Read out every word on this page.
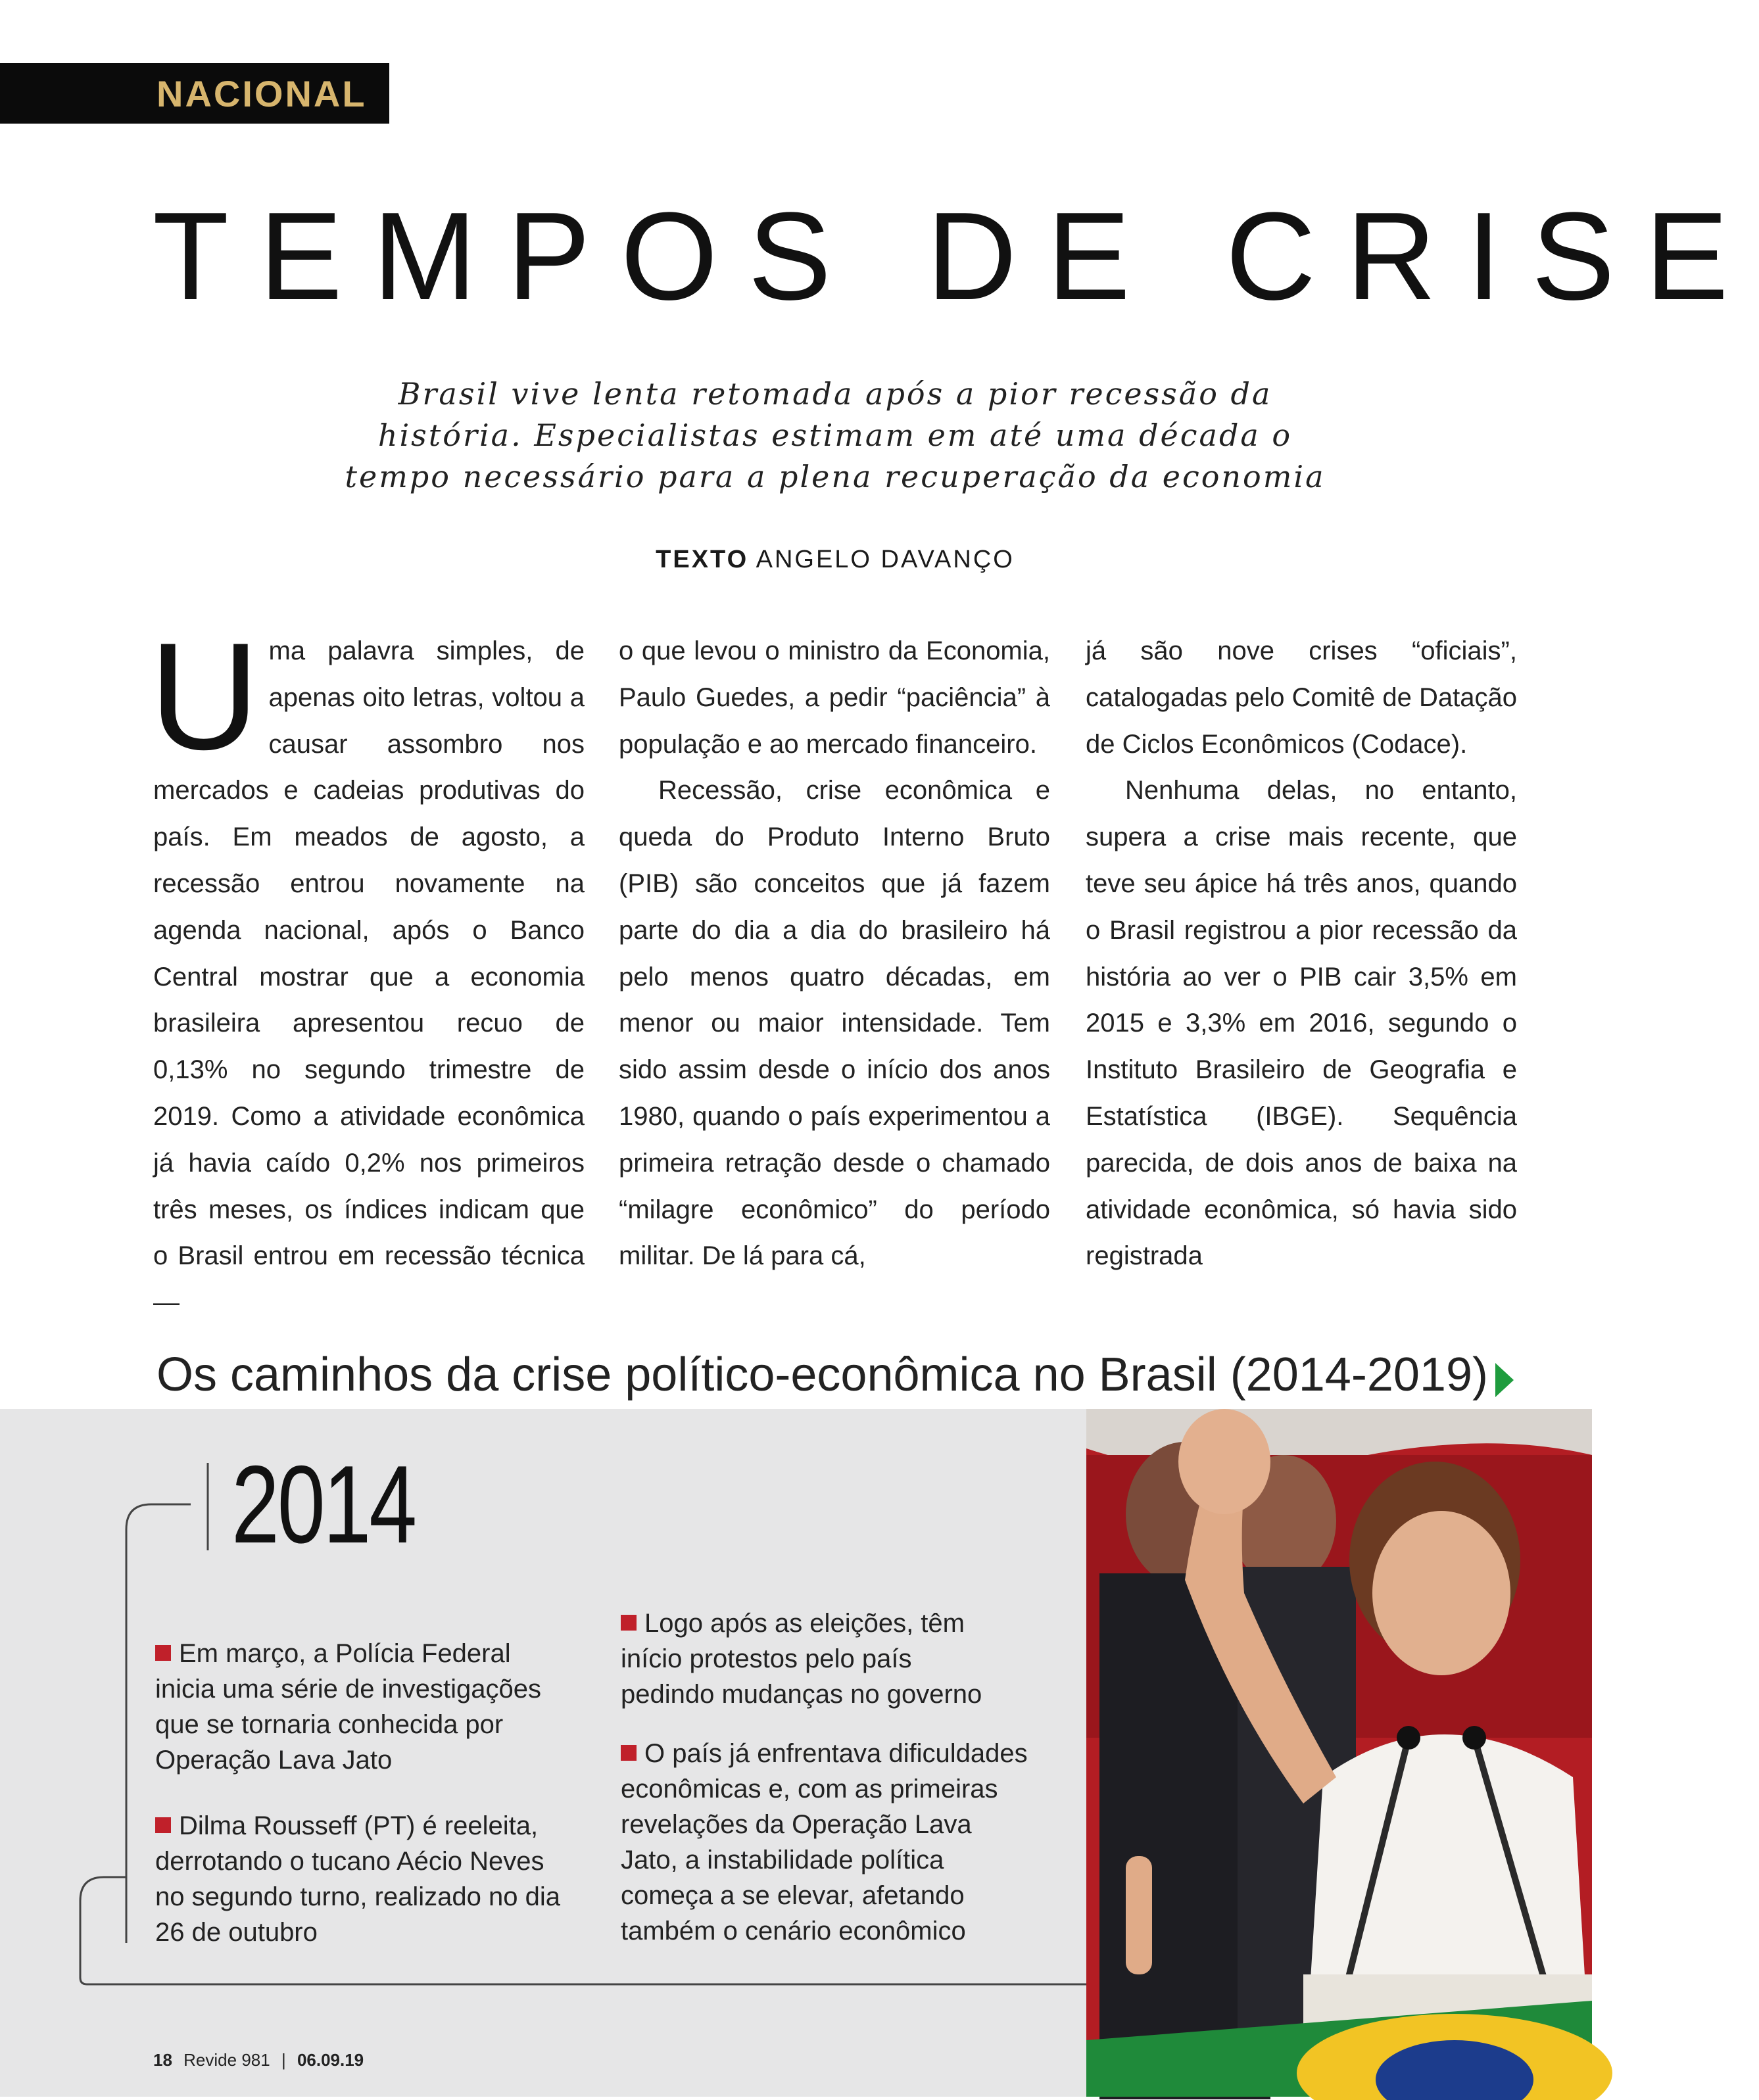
NACIONAL
TEMPOS DE CRISE
Brasil vive lenta retomada após a pior recessão da
história. Especialistas estimam em até uma década o
tempo necessário para a plena recuperação da economia
TEXTO ANGELO DAVANÇO

Uma palavra simples, de apenas oito letras, voltou a causar assombro nos mercados e cadeias produtivas do país. Em meados de agosto, a recessão entrou novamente na agenda nacional, após o Banco Central mostrar que a economia brasileira apresentou recuo de 0,13% no segundo trimestre de 2019. Como a atividade econômica já havia caído 0,2% nos primeiros três meses, os índices indicam que o Brasil entrou em recessão técnica —

o que levou o ministro da Economia, Paulo Guedes, a pedir “paciência” à população e ao mercado financeiro.

Recessão, crise econômica e queda do Produto Interno Bruto (PIB) são conceitos que já fazem parte do dia a dia do brasileiro há pelo menos quatro décadas, em menor ou maior intensidade. Tem sido assim desde o início dos anos 1980, quando o país experimentou a primeira retração desde o chamado “milagre econômico” do período militar. De lá para cá,

já são nove crises “oficiais”, catalogadas pelo Comitê de Datação de Ciclos Econômicos (Codace).

Nenhuma delas, no entanto, supera a crise mais recente, que teve seu ápice há três anos, quando o Brasil registrou a pior recessão da história ao ver o PIB cair 3,5% em 2015 e 3,3% em 2016, segundo o Instituto Brasileiro de Geografia e Estatística (IBGE). Sequência parecida, de dois anos de baixa na atividade econômica, só havia sido registrada

Os caminhos da crise político-econômica no Brasil (2014-2019)
2014
Em março, a Polícia Federal inicia uma série de investigações que se tornaria conhecida por Operação Lava Jato
Dilma Rousseff (PT) é reeleita, derrotando o tucano Aécio Neves no segundo turno, realizado no dia 26 de outubro
Logo após as eleições, têm início protestos pelo país pedindo mudanças no governo
O país já enfrentava dificuldades econômicas e, com as primeiras revelações da Operação Lava Jato, a instabilidade política começa a se elevar, afetando também o cenário econômico
18 Revide 981 | 06.09.19
